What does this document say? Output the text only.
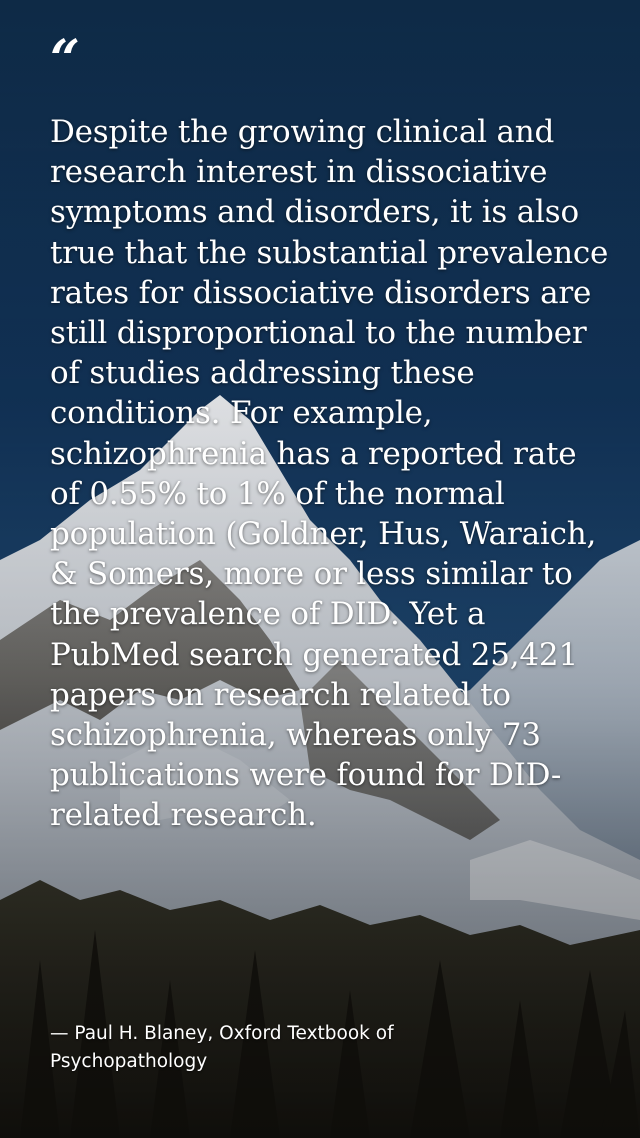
“

Despite the growing clinical and research interest in dissociative symptoms and disorders, it is also true that the substantial prevalence rates for dissociative disorders are still disproportional to the number of studies addressing these conditions. For example, schizophrenia has a reported rate of 0.55% to 1% of the normal population (Goldner, Hus, Waraich, & Somers, more or less similar to the prevalence of DID. Yet a PubMed search generated 25,421 papers on research related to schizophrenia, whereas only 73 publications were found for DID-related research.

— Paul H. Blaney, Oxford Textbook of Psychopathology
